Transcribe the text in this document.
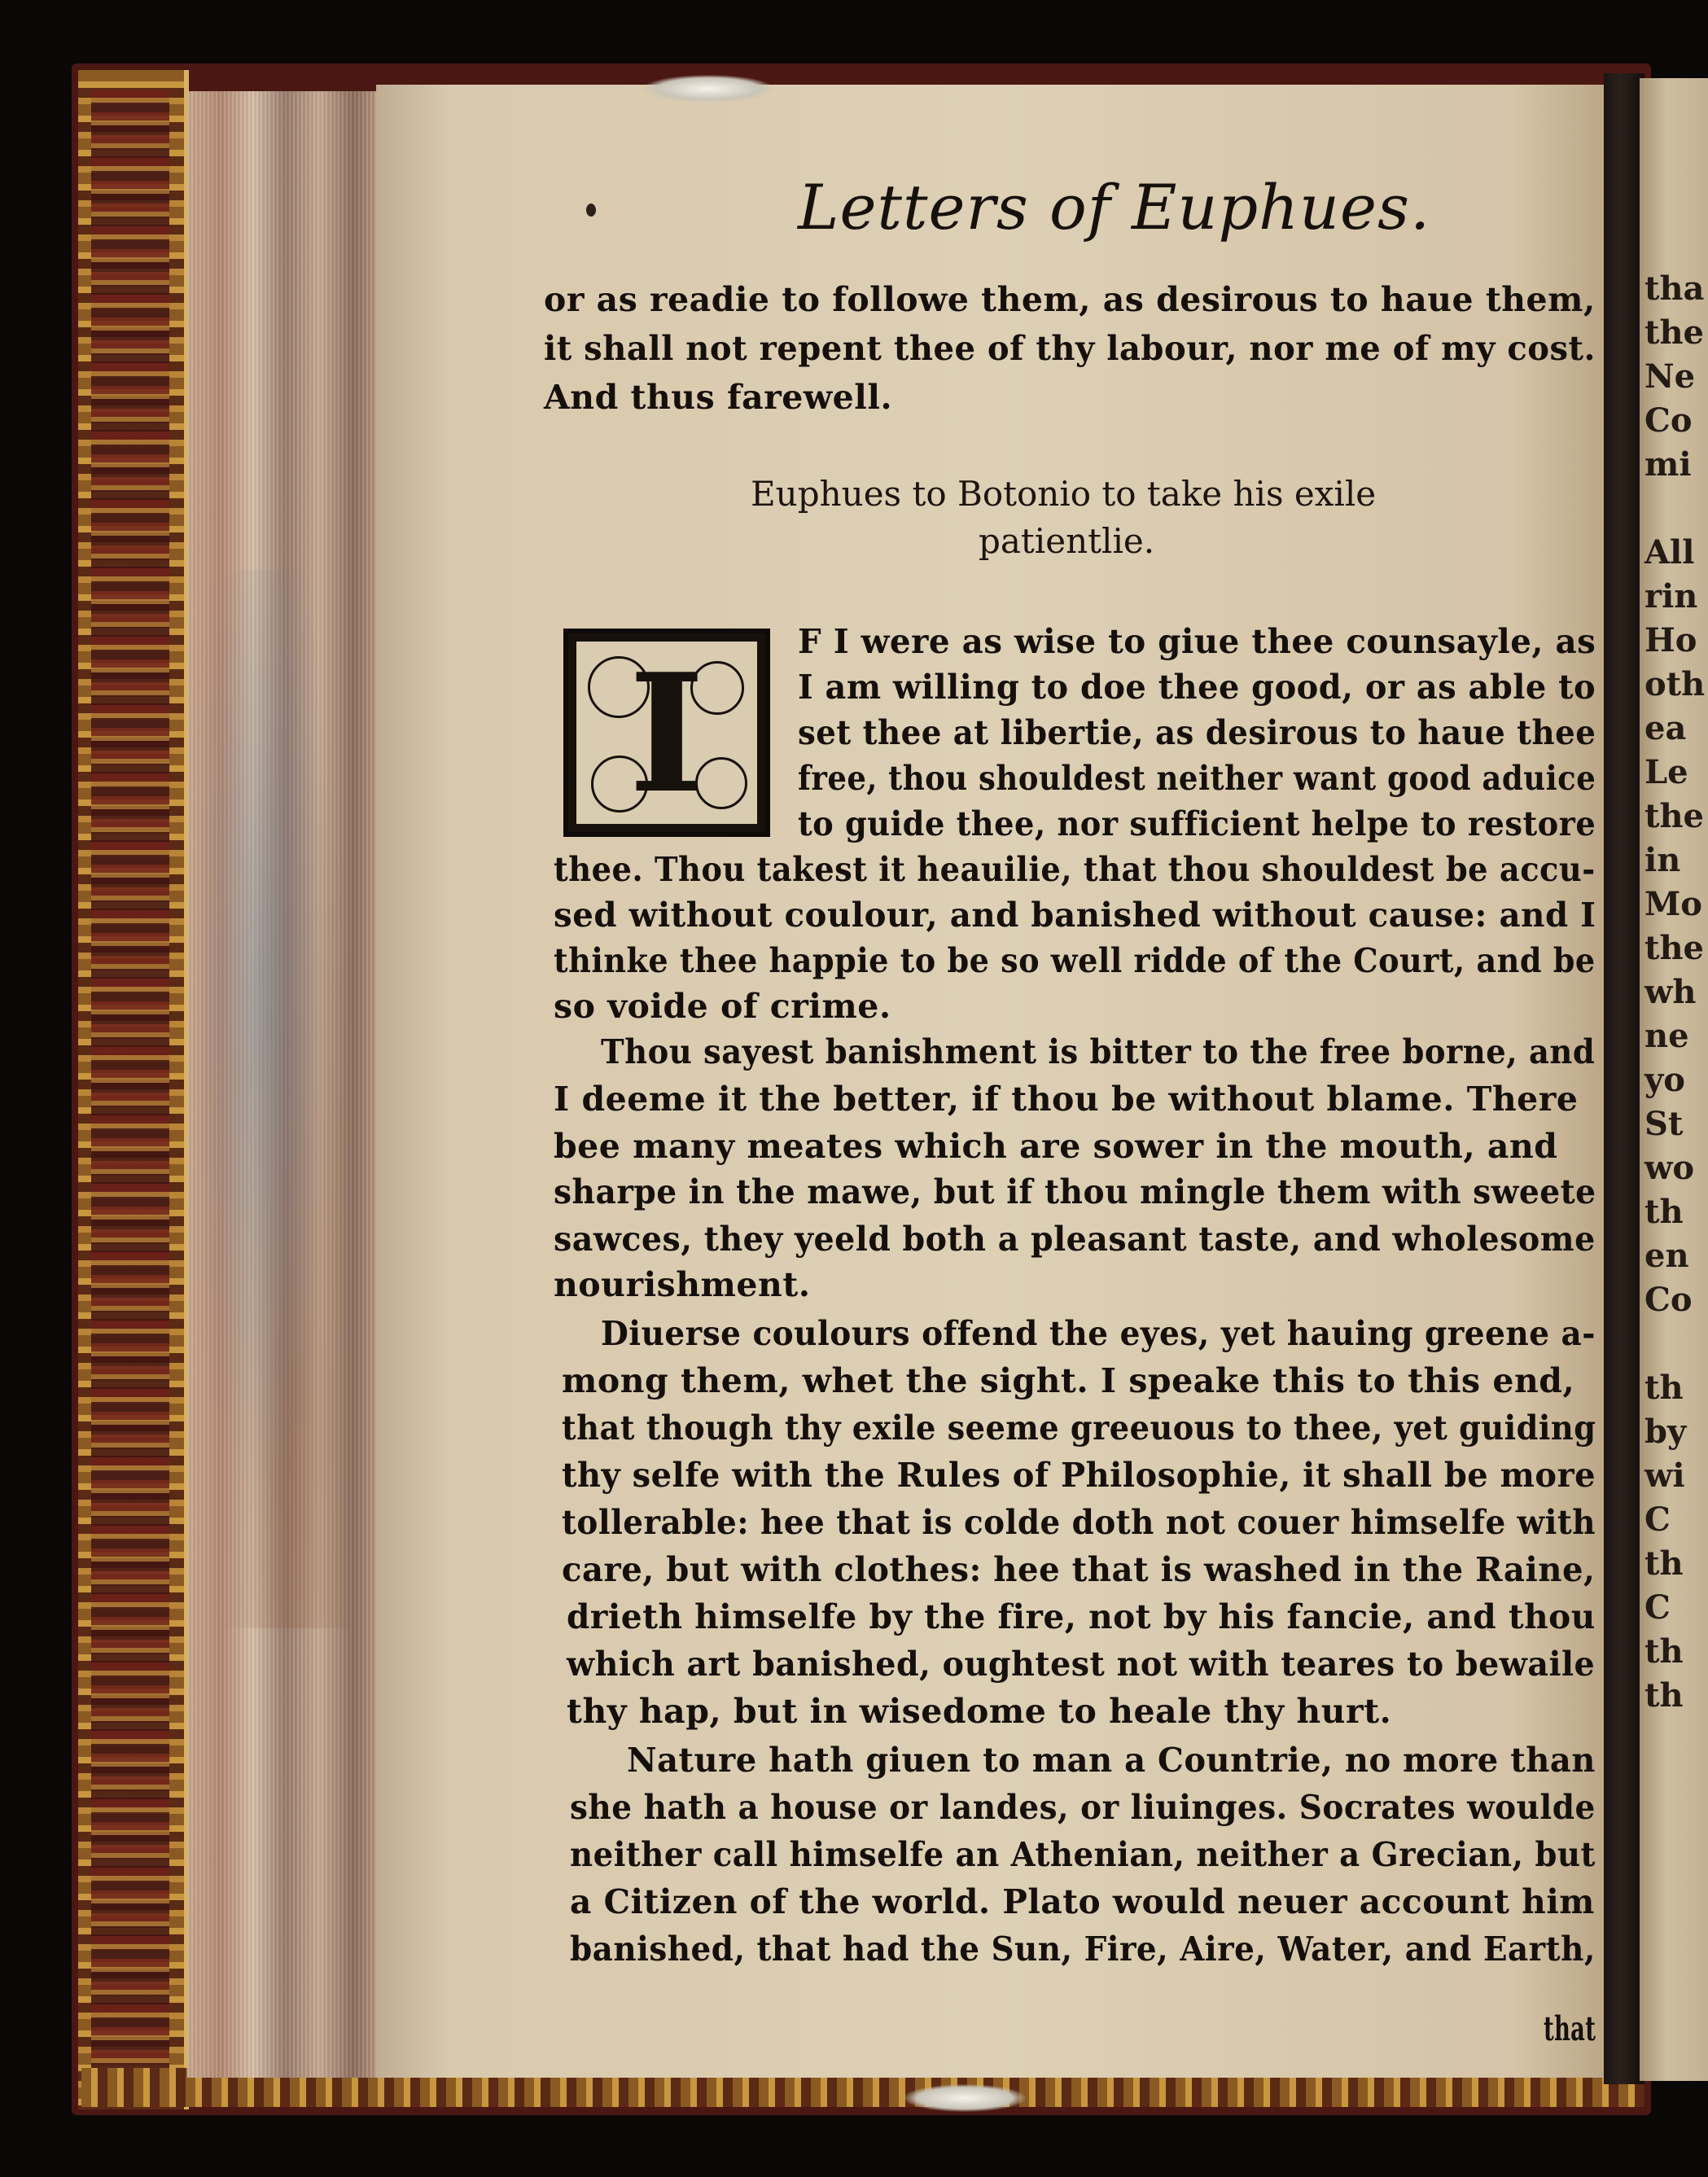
tha
the
Ne
Co
mi
All
rin
Ho
oth
ea
Le
the
in
Mo
the
wh
ne
yo
St
wo
th
en
Co
th
by
wi
C
th
C
th
th
Letters of Euphues.
or as readie to followe them, as desirous to haue them,
it shall not repent thee of thy labour, nor me of my cost.
And thus farewell.
Euphues to Botonio to take his exile
patientlie.
I	F I were as wise to giue thee counsayle, as
I am willing to doe thee good, or as able to
set thee at libertie, as desirous to haue thee
free, thou shouldest neither want good aduice
to guide thee, nor sufficient helpe to restore
thee. Thou takest it heauilie, that thou shouldest be accu-
sed without coulour, and banished without cause: and I
thinke thee happie to be so well ridde of the Court, and be
so voide of crime.
Thou sayest banishment is bitter to the free borne, and
I deeme it the better, if thou be without blame. There
bee many meates which are sower in the mouth, and
sharpe in the mawe, but if thou mingle them with sweete
sawces, they yeeld both a pleasant taste, and wholesome
nourishment.
Diuerse coulours offend the eyes, yet hauing greene a-
mong them, whet the sight. I speake this to this end,
that though thy exile seeme greeuous to thee, yet guiding
thy selfe with the Rules of Philosophie, it shall be more
tollerable: hee that is colde doth not couer himselfe with
care, but with clothes: hee that is washed in the Raine,
drieth himselfe by the fire, not by his fancie, and thou
which art banished, oughtest not with teares to bewaile
thy hap, but in wisedome to heale thy hurt.
Nature hath giuen to man a Countrie, no more than
she hath a house or landes, or liuinges. Socrates woulde
neither call himselfe an Athenian, neither a Grecian, but
a Citizen of the world. Plato would neuer account him
banished, that had the Sun, Fire, Aire, Water, and Earth,
that
